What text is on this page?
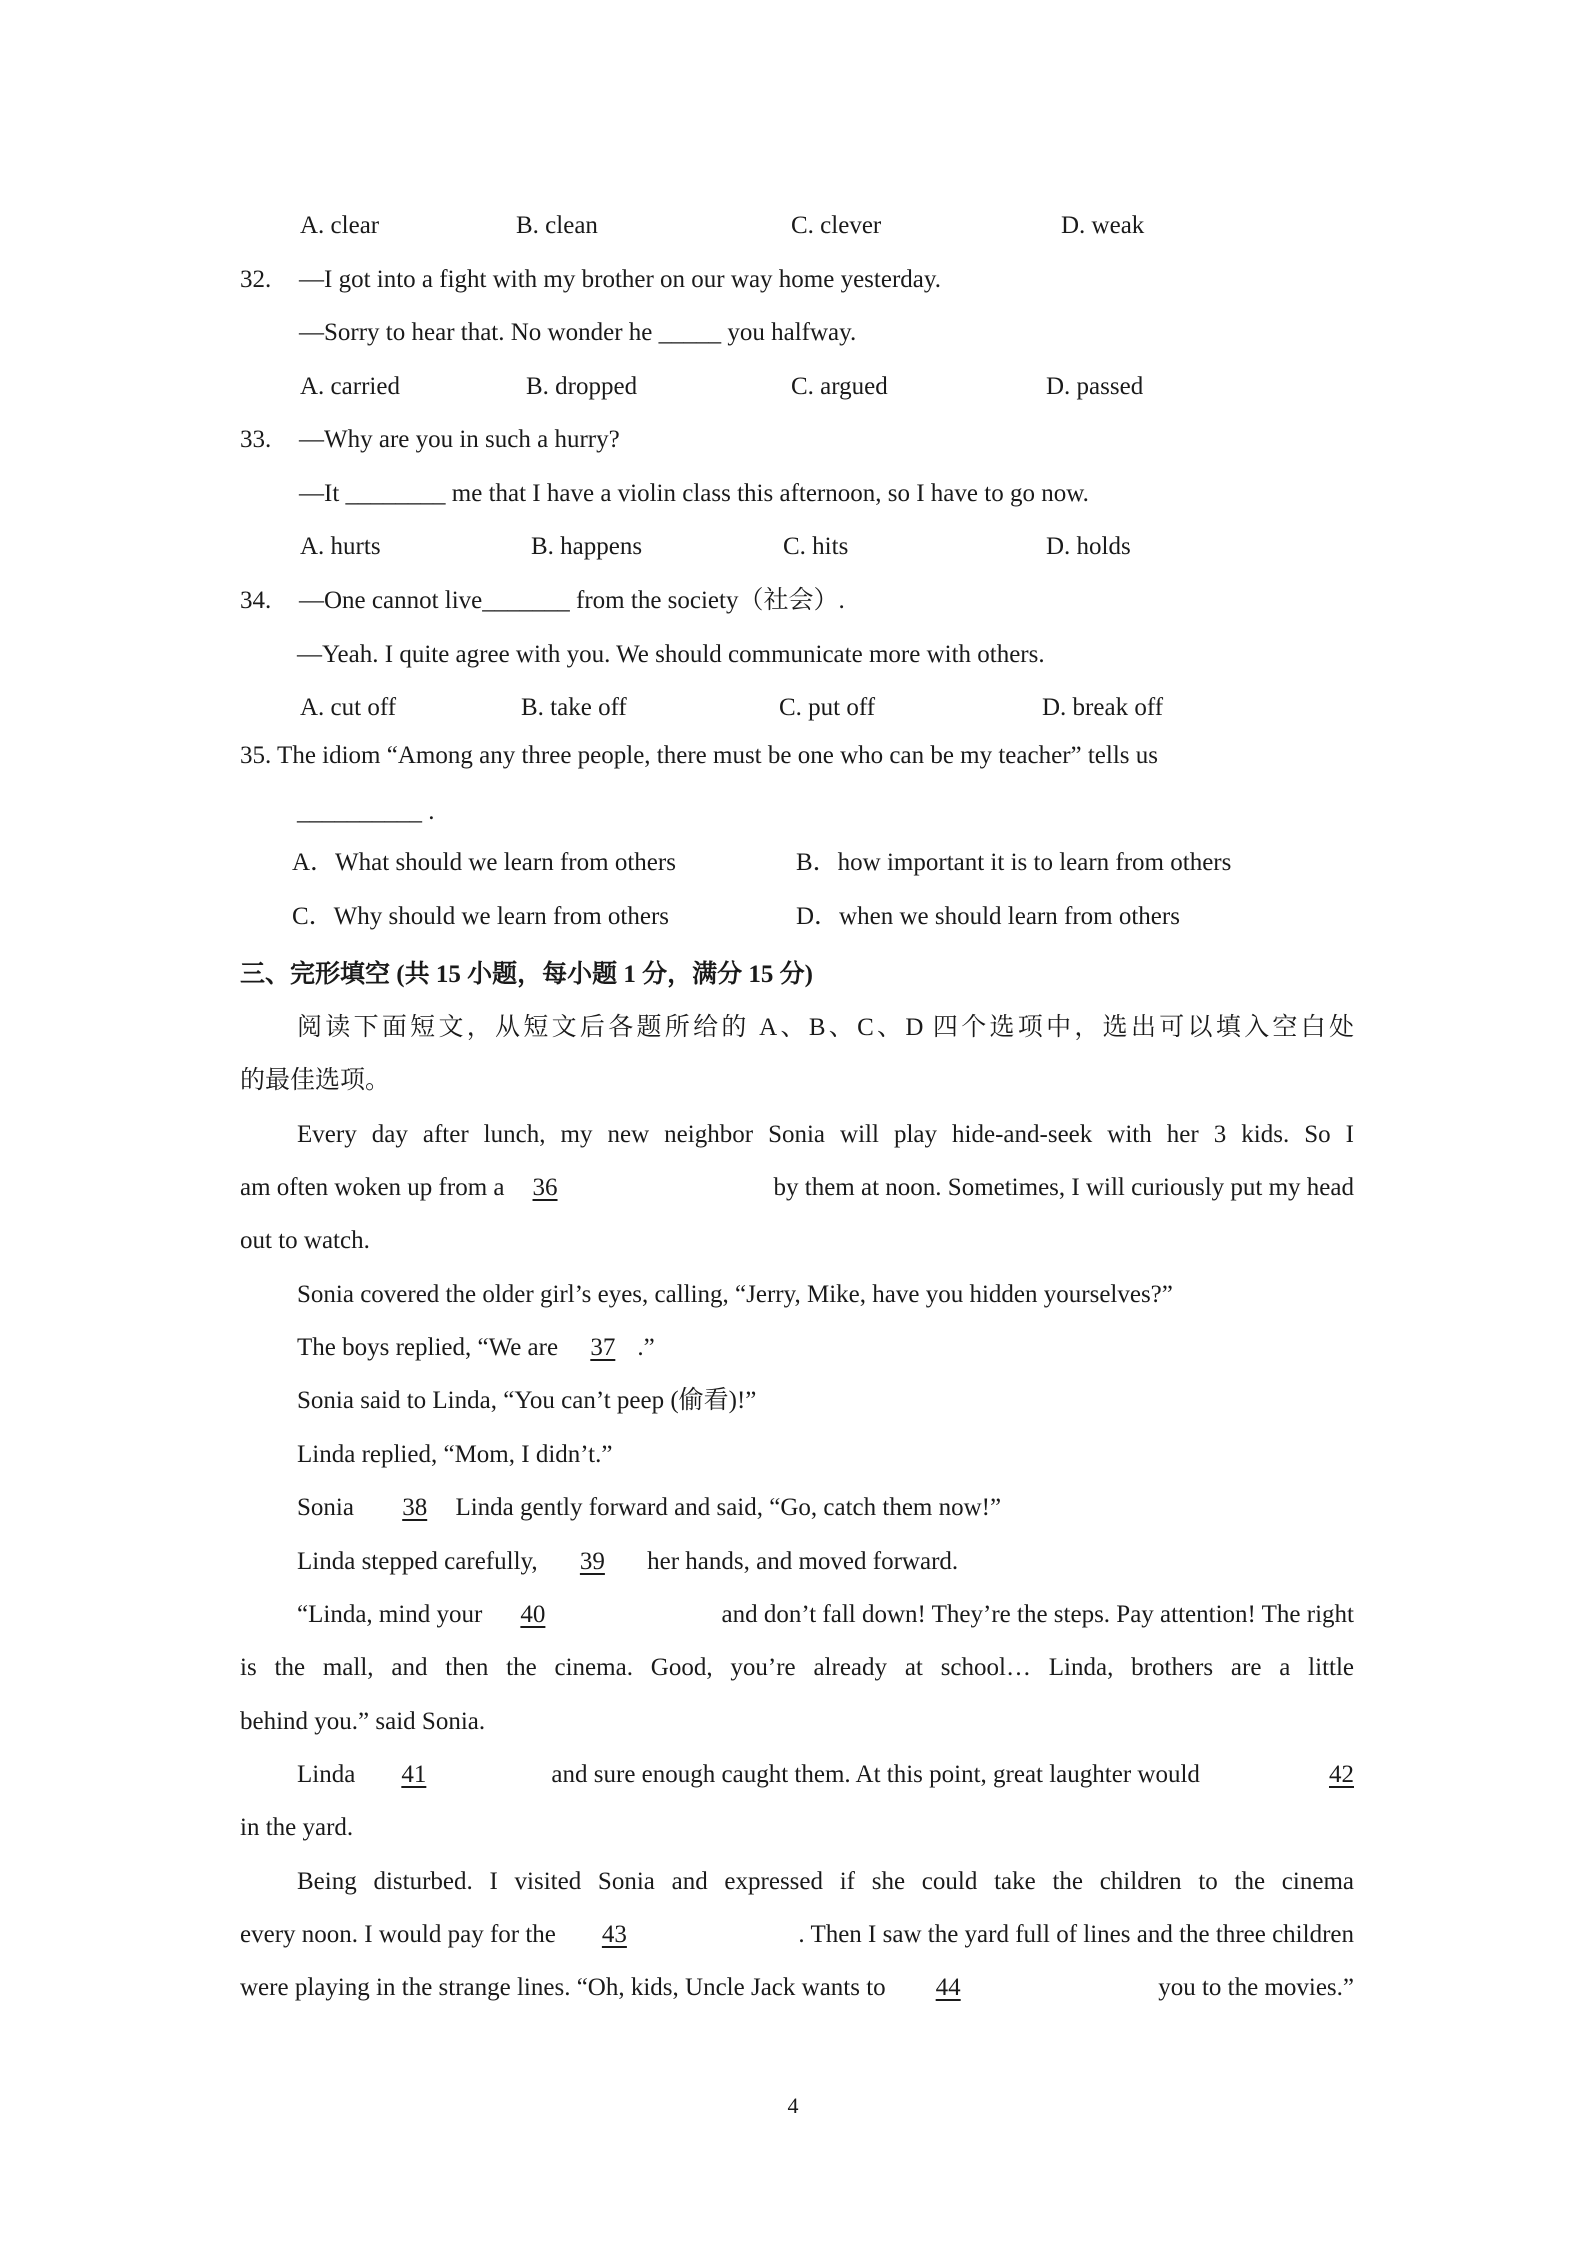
A. clear	B. clean	C. clever	D. weak
32. —I got into a fight with my brother on our way home yesterday.
—Sorry to hear that. No wonder he _____ you halfway.
A. carried	B. dropped	C. argued	D. passed
33. —Why are you in such a hurry?
—It ________ me that I have a violin class this afternoon, so I have to go now.
A. hurts	B. happens	C. hits	D. holds
34. —One cannot live_______ from the society（社会）.
—Yeah. I quite agree with you. We should communicate more with others.
A. cut off	B. take off	C. put off	D. break off
35. The idiom “Among any three people, there must be one who can be my teacher” tells us
__________ .
A．What should we learn from others	B．how important it is to learn from others
C．Why should we learn from others	D．when we should learn from others
三、完形填空 (共 15 小题，每小题 1 分，满分 15 分)
阅读下面短文，从短文后各题所给的 A、B、C、D 四个选项中，选出可以填入空白处
的最佳选项。
Every day after lunch, my new neighbor Sonia will play hide-and-seek with her 3 kids. So I
am often woken up from a	36	by them at noon. Sometimes, I will curiously put my head
out to watch.
Sonia covered the older girl’s eyes, calling, “Jerry, Mike, have you hidden yourselves?”
The boys replied, “We are 37 .”
Sonia said to Linda, “You can’t peep (偷看)!”
Linda replied, “Mom, I didn’t.”
Sonia 38 Linda gently forward and said, “Go, catch them now!”
Linda stepped carefully, 39 her hands, and moved forward.
“Linda, mind your	40	and don’t fall down! They’re the steps. Pay attention! The right
is the mall, and then the cinema. Good, you’re already at school… Linda, brothers are a little
behind you.” said Sonia.
Linda	41	and sure enough caught them. At this point, great laughter would	42
in the yard.
Being disturbed. I visited Sonia and expressed if she could take the children to the cinema
every noon. I would pay for the	43	. Then I saw the yard full of lines and the three children
were playing in the strange lines. “Oh, kids, Uncle Jack wants to	44	you to the movies.”
4
